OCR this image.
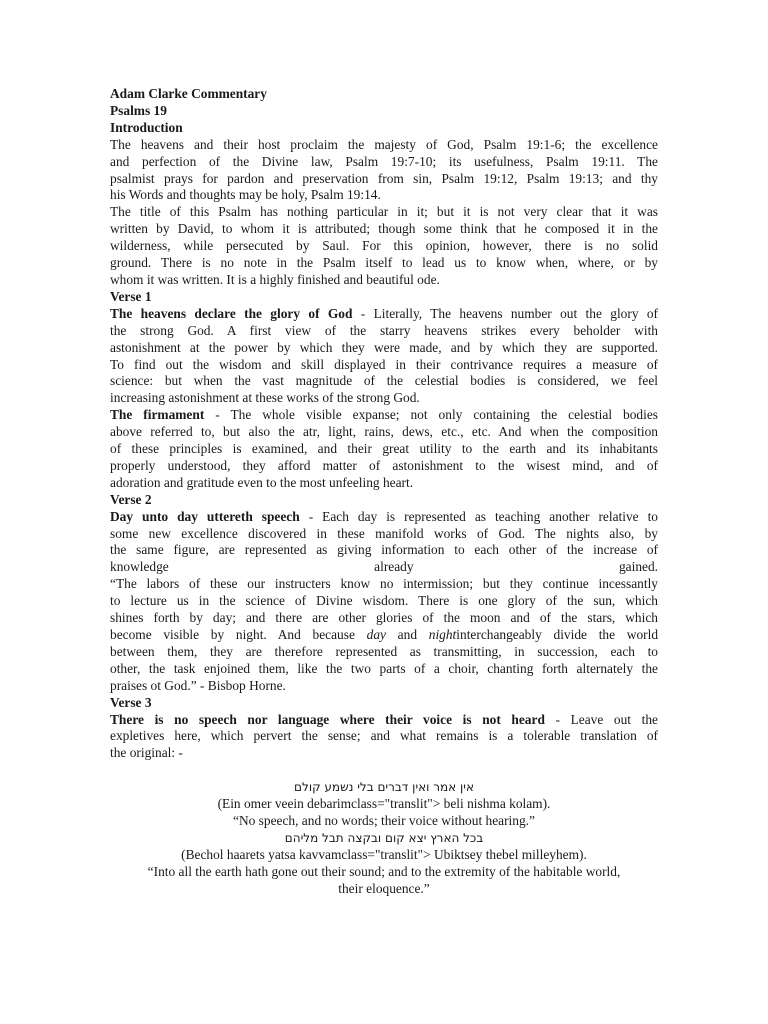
Adam Clarke Commentary
Psalms 19
Introduction
The heavens and their host proclaim the majesty of God, Psalm 19:1-6; the excellence
and perfection of the Divine law, Psalm 19:7-10; its usefulness, Psalm 19:11. The
psalmist prays for pardon and preservation from sin, Psalm 19:12, Psalm 19:13; and thy
his Words and thoughts may be holy, Psalm 19:14.
The title of this Psalm has nothing particular in it; but it is not very clear that it was
written by David, to whom it is attributed; though some think that he composed it in the
wilderness, while persecuted by Saul. For this opinion, however, there is no solid
ground. There is no note in the Psalm itself to lead us to know when, where, or by
whom it was written. It is a highly finished and beautiful ode.
Verse 1
The heavens declare the glory of God - Literally, The heavens number out the glory of
the strong God. A first view of the starry heavens strikes every beholder with
astonishment at the power by which they were made, and by which they are supported.
To find out the wisdom and skill displayed in their contrivance requires a measure of
science: but when the vast magnitude of the celestial bodies is considered, we feel
increasing astonishment at these works of the strong God.
The firmament - The whole visible expanse; not only containing the celestial bodies
above referred to, but also the atr, light, rains, dews, etc., etc. And when the composition
of these principles is examined, and their great utility to the earth and its inhabitants
properly understood, they afford matter of astonishment to the wisest mind, and of
adoration and gratitude even to the most unfeeling heart.
Verse 2
Day unto day uttereth speech - Each day is represented as teaching another relative to
some new excellence discovered in these manifold works of God. The nights also, by
the same figure, are represented as giving information to each other of the increase of
knowledge already gained.
“The labors of these our instructers know no intermission; but they continue incessantly
to lecture us in the science of Divine wisdom. There is one glory of the sun, which
shines forth by day; and there are other glories of the moon and of the stars, which
become visible by night. And because day and nightinterchangeably divide the world
between them, they are therefore represented as transmitting, in succession, each to
other, the task enjoined them, like the two parts of a choir, chanting forth alternately the
praises ot God.” - Bisbop Horne.
Verse 3
There is no speech nor language where their voice is not heard - Leave out the
expletives here, which pervert the sense; and what remains is a tolerable translation of
the original: -
אין אמר ואין דברים בלי נשמע קולם
(Ein omer veein debarimclass="translit"> beli nishma kolam).
“No speech, and no words; their voice without hearing.”
בכל הארץ יצא קום ובקצה תבל מליהם
(Bechol haarets yatsa kavvamclass="translit"> Ubiktsey thebel milleyhem).
“Into all the earth hath gone out their sound; and to the extremity of the habitable world,
their eloquence.”
